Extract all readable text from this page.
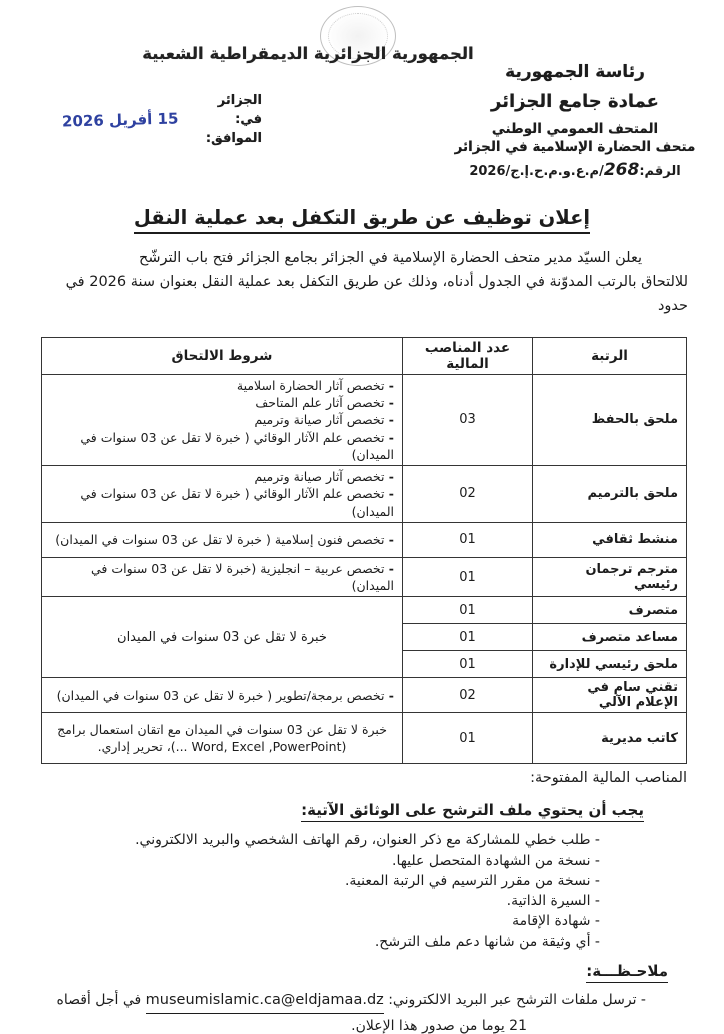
الجمهورية الجزائرية الديمقراطية الشعبية
رئاسة الجمهورية
عمادة جامع الجزائر
المتحف العمومي الوطني
متحف الحضارة الإسلامية في الجزائر
الرقم:268/م.ع.و.م.ح.إ.ج/2026
الجزائر في:
الموافق:
15 أفريل 2026
إعلان توظيف عن طريق التكفل بعد عملية النقل
يعلن السيّد مدير متحف الحضارة الإسلامية في الجزائر بجامع الجزائر فتح باب الترشّح
للالتحاق بالرتب المدوّنة في الجدول أدناه، وذلك عن طريق التكفل بعد عملية النقل بعنوان سنة 2026 في حدود
الرتبة	عدد المناصب المالية	شروط الالتحاق
ملحق بالحفظ	03	- تخصص آثار الحضارة اسلامية
- تخصص آثار علم المتاحف
- تخصص آثار صيانة وترميم
- تخصص علم الآثار الوقائي ( خبرة لا تقل عن 03 سنوات في الميدان)

ملحق بالترميم	02	- تخصص آثار صيانة وترميم
- تخصص علم الآثار الوقائي ( خبرة لا تقل عن 03 سنوات في الميدان)

منشط ثقافي	01	- تخصص فنون إسلامية ( خبرة لا تقل عن 03 سنوات في الميدان)

مترجم ترجمان رئيسي	01	- تخصص عربية – انجليزية (خبرة لا تقل عن 03 سنوات في الميدان)

متصرف	01	خبرة لا تقل عن 03 سنوات في الميدان
مساعد متصرف	01	
ملحق رئيسي للإدارة	01	
تقني سام في الإعلام الآلي	02	- تخصص برمجة/تطوير ( خبرة لا تقل عن 03 سنوات في الميدان)

كاتب مديرية	01	خبرة لا تقل عن 03 سنوات في الميدان مع اتقان استعمال برامج (Word, Excel ,PowerPoint ...)، تحرير إداري.
المناصب المالية المفتوحة:
يجب أن يحتوي ملف الترشح على الوثائق الآتية:
- طلب خطي للمشاركة مع ذكر العنوان، رقم الهاتف الشخصي والبريد الالكتروني.
- نسخة من الشهادة المتحصل عليها.
- نسخة من مقرر الترسيم في الرتبة المعنية.
- السيرة الذاتية.
- شهادة الإقامة
- أي وثيقة من شانها دعم ملف الترشح.
ملاحـظـــة:
- ترسل ملفات الترشح عبر البريد الالكتروني: museumislamic.ca@eldjamaa.dz في أجل أقصاه
21 يوما من صدور هذا الإعلان.
